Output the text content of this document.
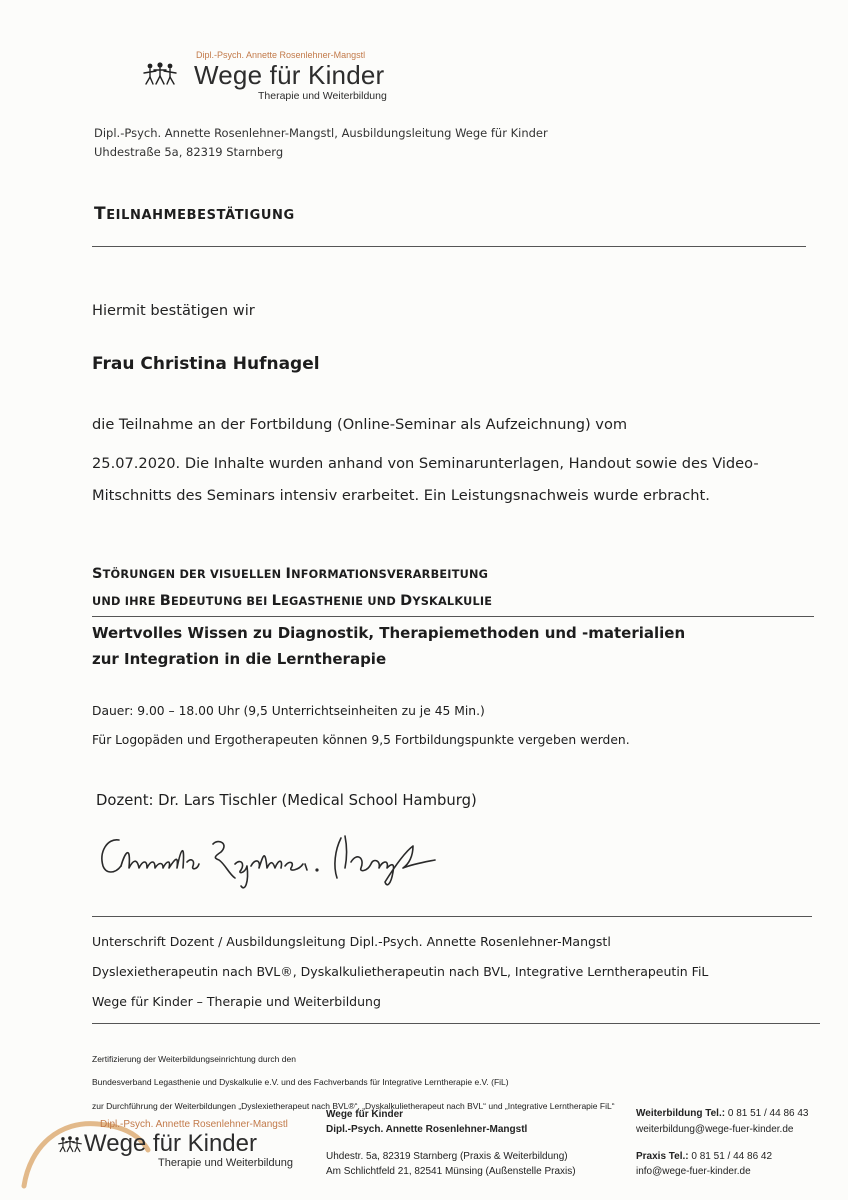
Dipl.-Psych. Annette Rosenlehner-Mangstl
Wege für Kinder
Therapie und Weiterbildung
Dipl.-Psych. Annette Rosenlehner-Mangstl, Ausbildungsleitung Wege für Kinder
Uhdestraße 5a, 82319 Starnberg
TEILNAHMEBESTÄTIGUNG
Hiermit bestätigen wir
Frau Christina Hufnagel
die Teilnahme an der Fortbildung (Online-Seminar als Aufzeichnung) vom
25.07.2020. Die Inhalte wurden anhand von Seminarunterlagen, Handout sowie des Video-
Mitschnitts des Seminars intensiv erarbeitet. Ein Leistungsnachweis wurde erbracht.
STÖRUNGEN DER VISUELLEN INFORMATIONSVERARBEITUNG
UND IHRE BEDEUTUNG BEI LEGASTHENIE UND DYSKALKULIE
Wertvolles Wissen zu Diagnostik, Therapiemethoden und -materialien
zur Integration in die Lerntherapie
Dauer: 9.00 – 18.00 Uhr (9,5 Unterrichtseinheiten zu je 45 Min.)
Für Logopäden und Ergotherapeuten können 9,5 Fortbildungspunkte vergeben werden.
Dozent: Dr. Lars Tischler (Medical School Hamburg)
Unterschrift Dozent / Ausbildungsleitung Dipl.-Psych. Annette Rosenlehner-Mangstl
Dyslexietherapeutin nach BVL®, Dyskalkulietherapeutin nach BVL, Integrative Lerntherapeutin FiL
Wege für Kinder – Therapie und Weiterbildung
Zertifizierung der Weiterbildungseinrichtung durch den
Bundesverband Legasthenie und Dyskalkulie e.V. und des Fachverbands für Integrative Lerntherapie e.V. (FiL)
zur Durchführung der Weiterbildungen „Dyslexietherapeut nach BVL®“, „Dyskalkulietherapeut nach BVL“ und „Integrative Lerntherapie FiL“
Dipl.-Psych. Annette Rosenlehner-Mangstl
Wege für Kinder
Therapie und Weiterbildung
Wege für Kinder
Dipl.-Psych. Annette Rosenlehner-Mangstl
Uhdestr. 5a, 82319 Starnberg (Praxis & Weiterbildung)
Am Schlichtfeld 21, 82541 Münsing (Außenstelle Praxis)
Weiterbildung Tel.: 0 81 51 / 44 86 43
weiterbildung@wege-fuer-kinder.de
Praxis Tel.: 0 81 51 / 44 86 42
info@wege-fuer-kinder.de
